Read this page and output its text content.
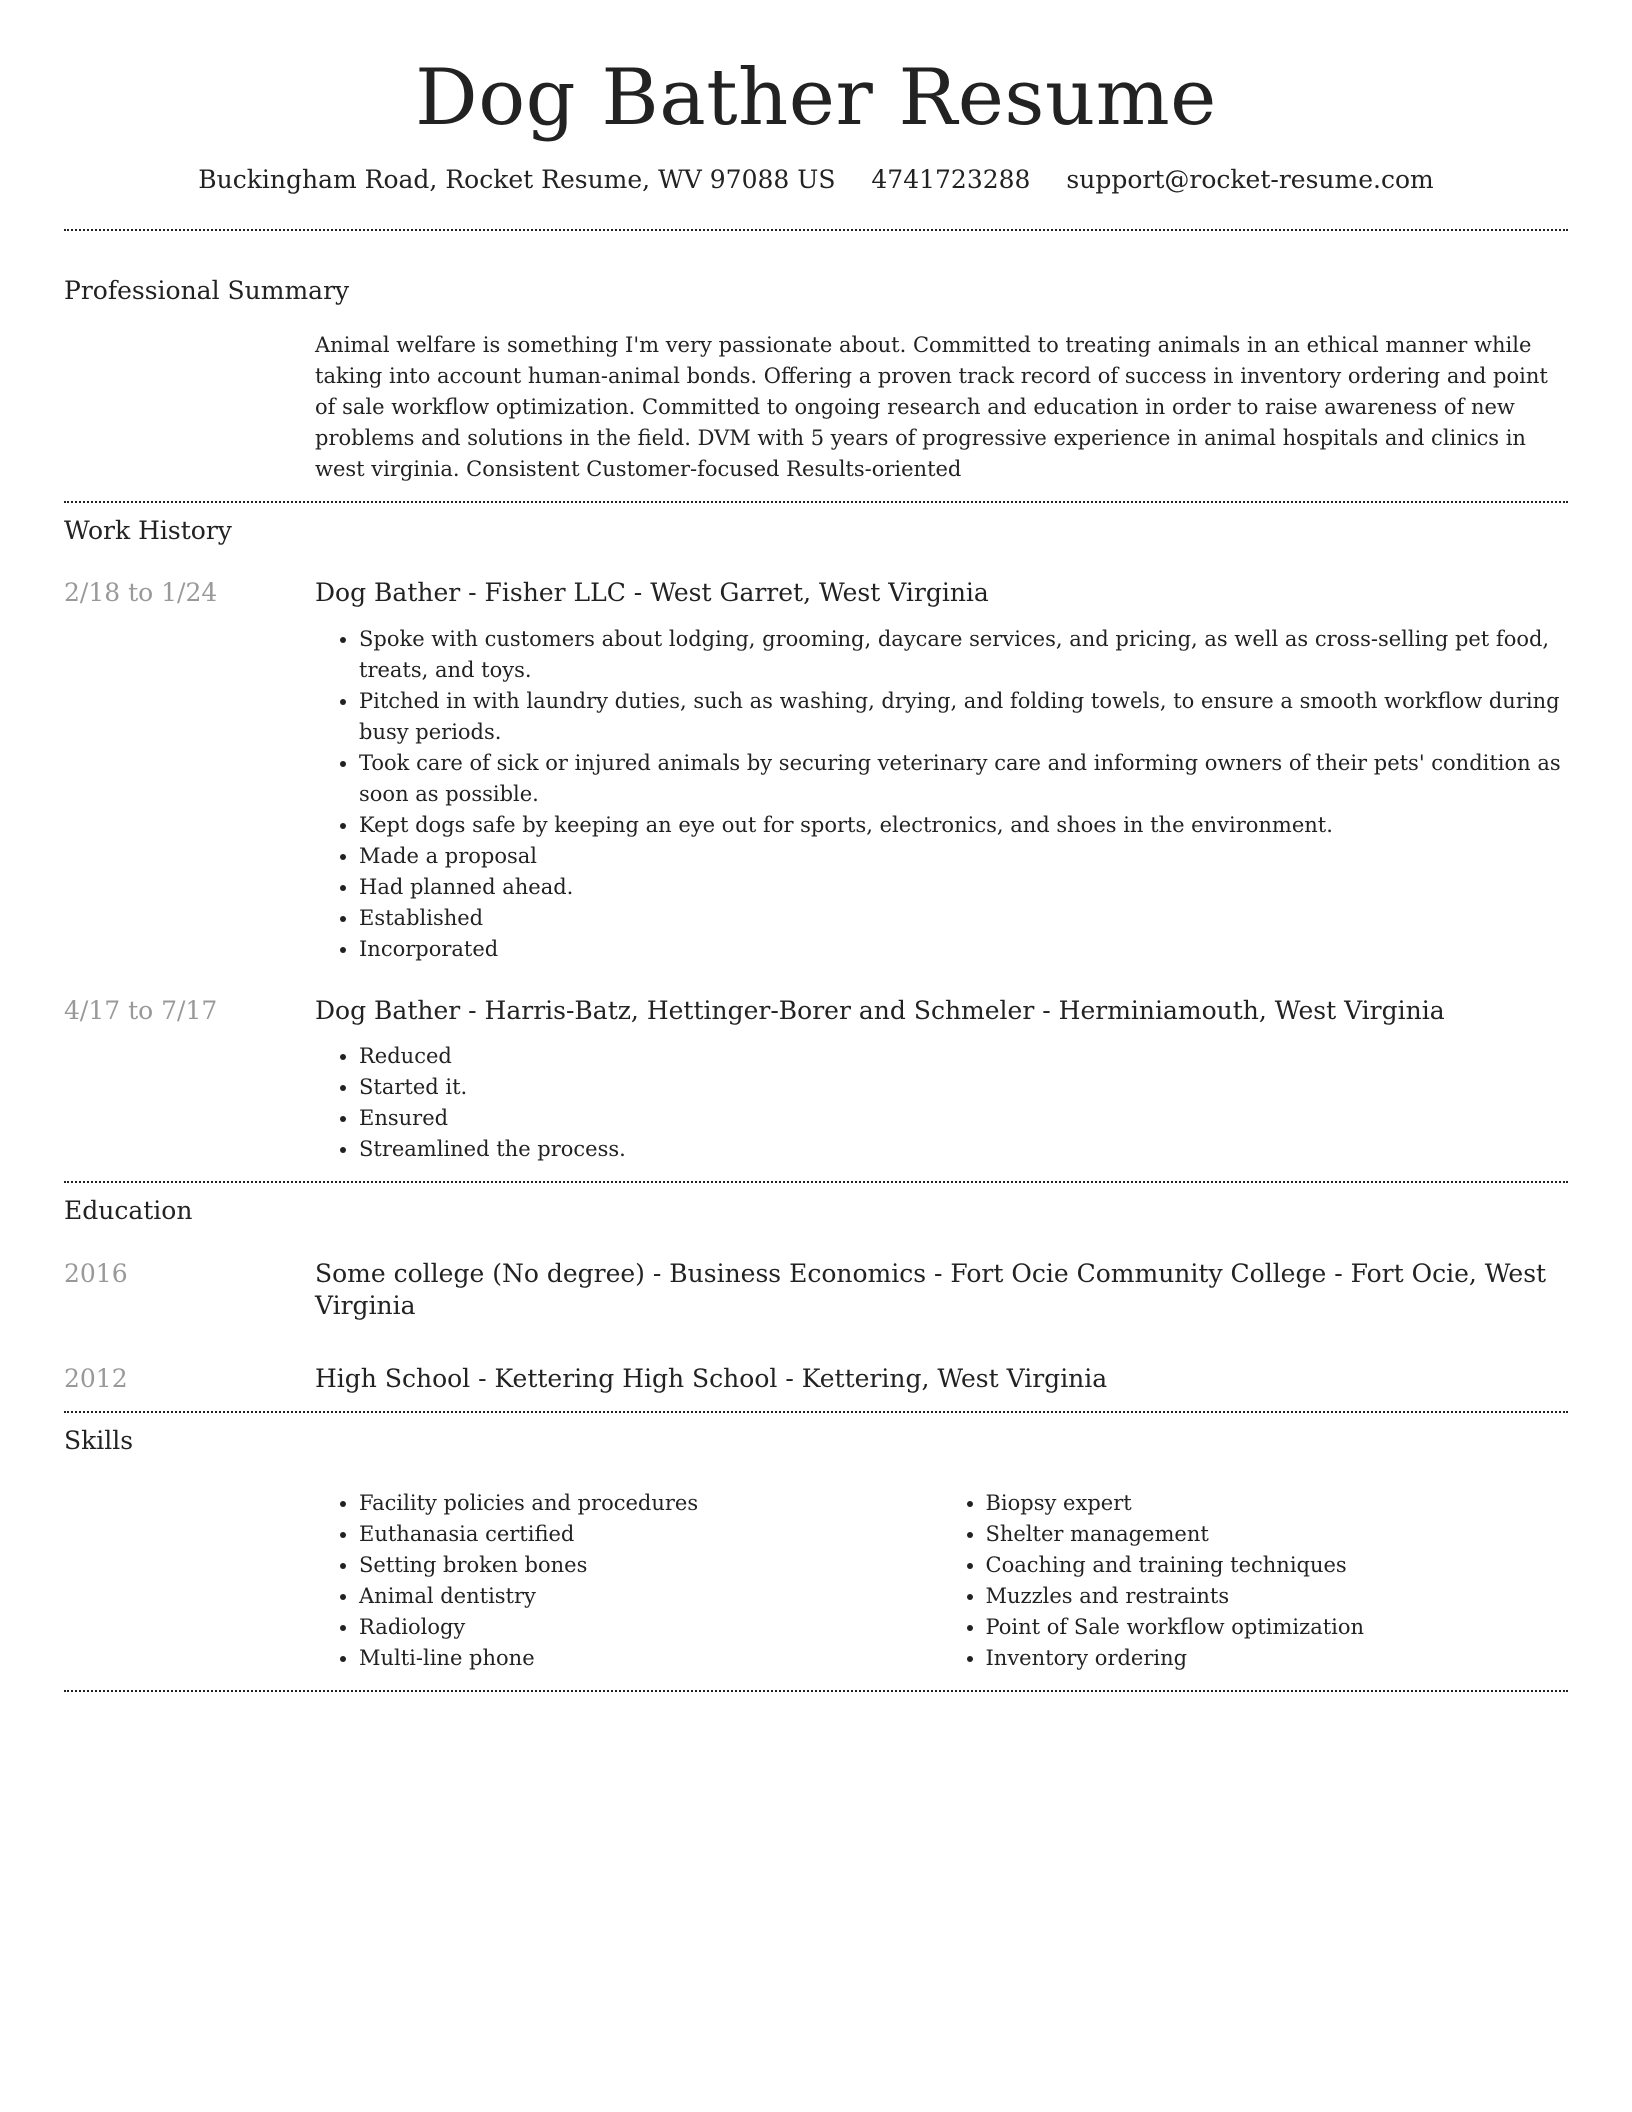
Dog Bather Resume
Buckingham Road, Rocket Resume, WV 97088 US 4741723288 support@rocket-resume.com
Professional Summary

Animal welfare is something I'm very passionate about. Committed to treating animals in an ethical manner while taking into account human-animal bonds. Offering a proven track record of success in inventory ordering and point of sale workflow optimization. Committed to ongoing research and education in order to raise awareness of new problems and solutions in the field. DVM with 5 years of progressive experience in animal hospitals and clinics in west virginia. Consistent Customer-focused Results-oriented

Work History
2/18 to 1/24	Dog Bather - Fisher LLC - West Garret, West Virginia
• Spoke with customers about lodging, grooming, daycare services, and pricing, as well as cross-selling pet food, treats, and toys.
• Pitched in with laundry duties, such as washing, drying, and folding towels, to ensure a smooth workflow during busy periods.
• Took care of sick or injured animals by securing veterinary care and informing owners of their pets' condition as soon as possible.
• Kept dogs safe by keeping an eye out for sports, electronics, and shoes in the environment.
• Made a proposal
• Had planned ahead.
• Established
• Incorporated
4/17 to 7/17	Dog Bather - Harris-Batz, Hettinger-Borer and Schmeler - Herminiamouth, West Virginia
• Reduced
• Started it.
• Ensured
• Streamlined the process.
Education
2016	Some college (No degree) - Business Economics - Fort Ocie Community College - Fort Ocie, West Virginia
2012	High School - Kettering High School - Kettering, West Virginia
Skills
• Facility policies and procedures
• Euthanasia certified
• Setting broken bones
• Animal dentistry
• Radiology
• Multi-line phone
• Biopsy expert
• Shelter management
• Coaching and training techniques
• Muzzles and restraints
• Point of Sale workflow optimization
• Inventory ordering
